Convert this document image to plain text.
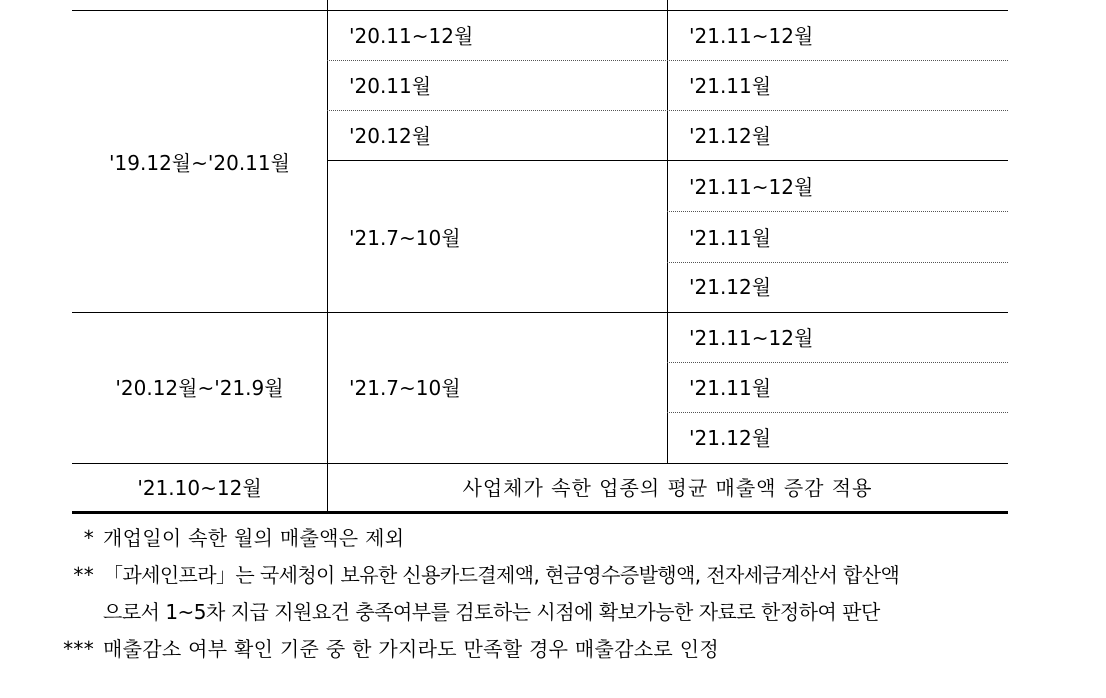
'19.12월~'20.11월
'20.11~12월
'20.11월
'20.12월
'21.7~10월
'21.11~12월
'21.11월
'21.12월
'21.11~12월
'21.11월
'21.12월
'20.12월~'21.9월	'21.7~10월
'21.11~12월
'21.11월
'21.12월
'21.10~12월	사업체가 속한 업종의 평균 매출액 증감 적용
* 개업일이 속한 월의 매출액은 제외
** 「과세인프라」는 국세청이 보유한 신용카드결제액, 현금영수증발행액, 전자세금계산서 합산액
으로서 1~5차 지급 지원요건 충족여부를 검토하는 시점에 확보가능한 자료로 한정하여 판단
*** 매출감소 여부 확인 기준 중 한 가지라도 만족할 경우 매출감소로 인정
